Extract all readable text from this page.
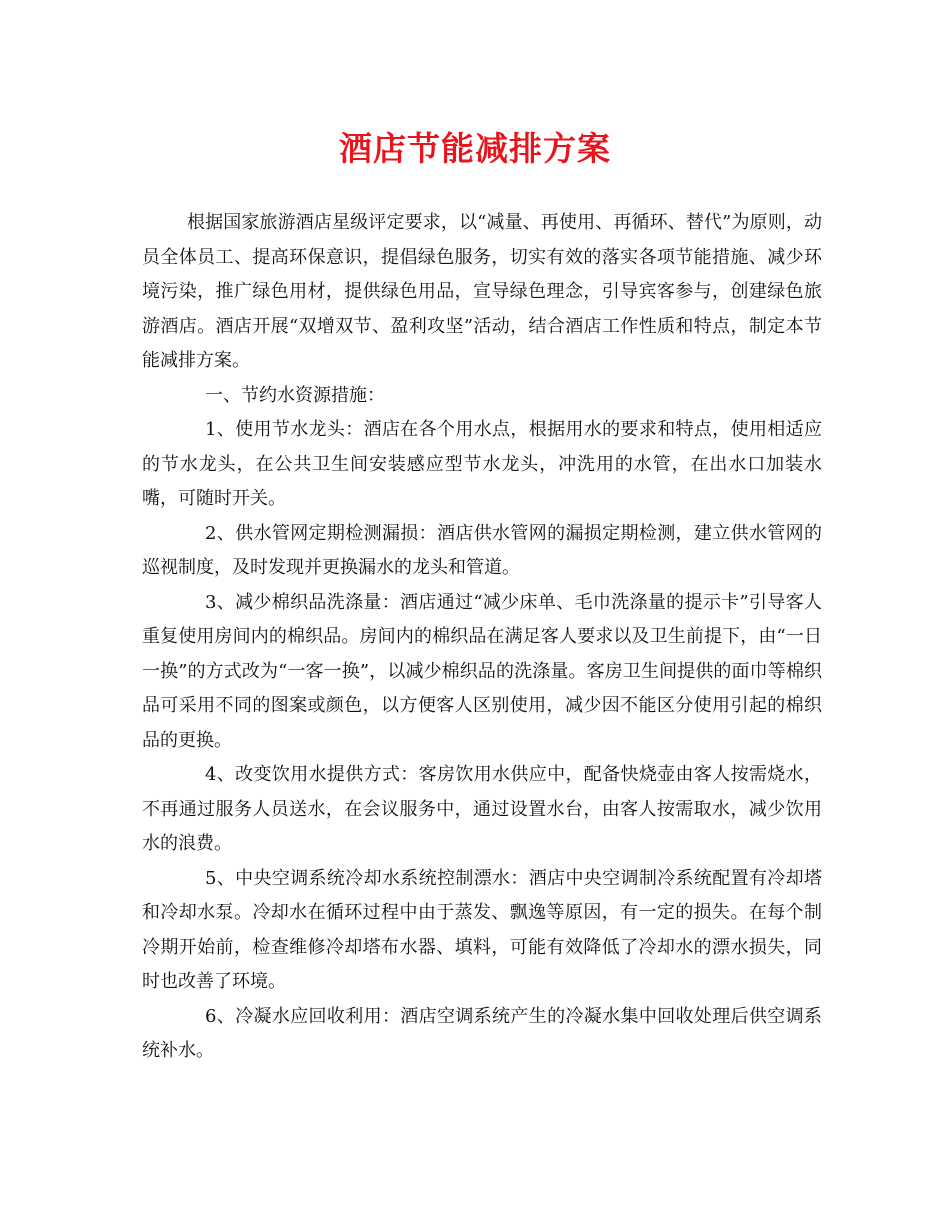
酒店节能减排方案

根据国家旅游酒店星级评定要求，以“减量、再使用、再循环、替代”为原则，动员全体员工、提高环保意识，提倡绿色服务，切实有效的落实各项节能措施、减少环境污染，推广绿色用材，提供绿色用品，宣导绿色理念，引导宾客参与，创建绿色旅游酒店。酒店开展“双增双节、盈利攻坚”活动，结合酒店工作性质和特点，制定本节能减排方案。

一、节约水资源措施：

1、使用节水龙头：酒店在各个用水点，根据用水的要求和特点，使用相适应的节水龙头，在公共卫生间安装感应型节水龙头，冲洗用的水管，在出水口加装水嘴，可随时开关。

2、供水管网定期检测漏损：酒店供水管网的漏损定期检测，建立供水管网的巡视制度，及时发现并更换漏水的龙头和管道。

3、减少棉织品洗涤量：酒店通过“减少床单、毛巾洗涤量的提示卡”引导客人重复使用房间内的棉织品。房间内的棉织品在满足客人要求以及卫生前提下，由“一日一换”的方式改为“一客一换”，以减少棉织品的洗涤量。客房卫生间提供的面巾等棉织品可采用不同的图案或颜色，以方便客人区别使用，减少因不能区分使用引起的棉织品的更换。

4、改变饮用水提供方式：客房饮用水供应中，配备快烧壶由客人按需烧水，不再通过服务人员送水，在会议服务中，通过设置水台，由客人按需取水，减少饮用水的浪费。

5、中央空调系统冷却水系统控制漂水：酒店中央空调制冷系统配置有冷却塔和冷却水泵。冷却水在循环过程中由于蒸发、飘逸等原因，有一定的损失。在每个制冷期开始前，检查维修冷却塔布水器、填料，可能有效降低了冷却水的漂水损失，同时也改善了环境。

6、冷凝水应回收利用：酒店空调系统产生的冷凝水集中回收处理后供空调系统补水。
